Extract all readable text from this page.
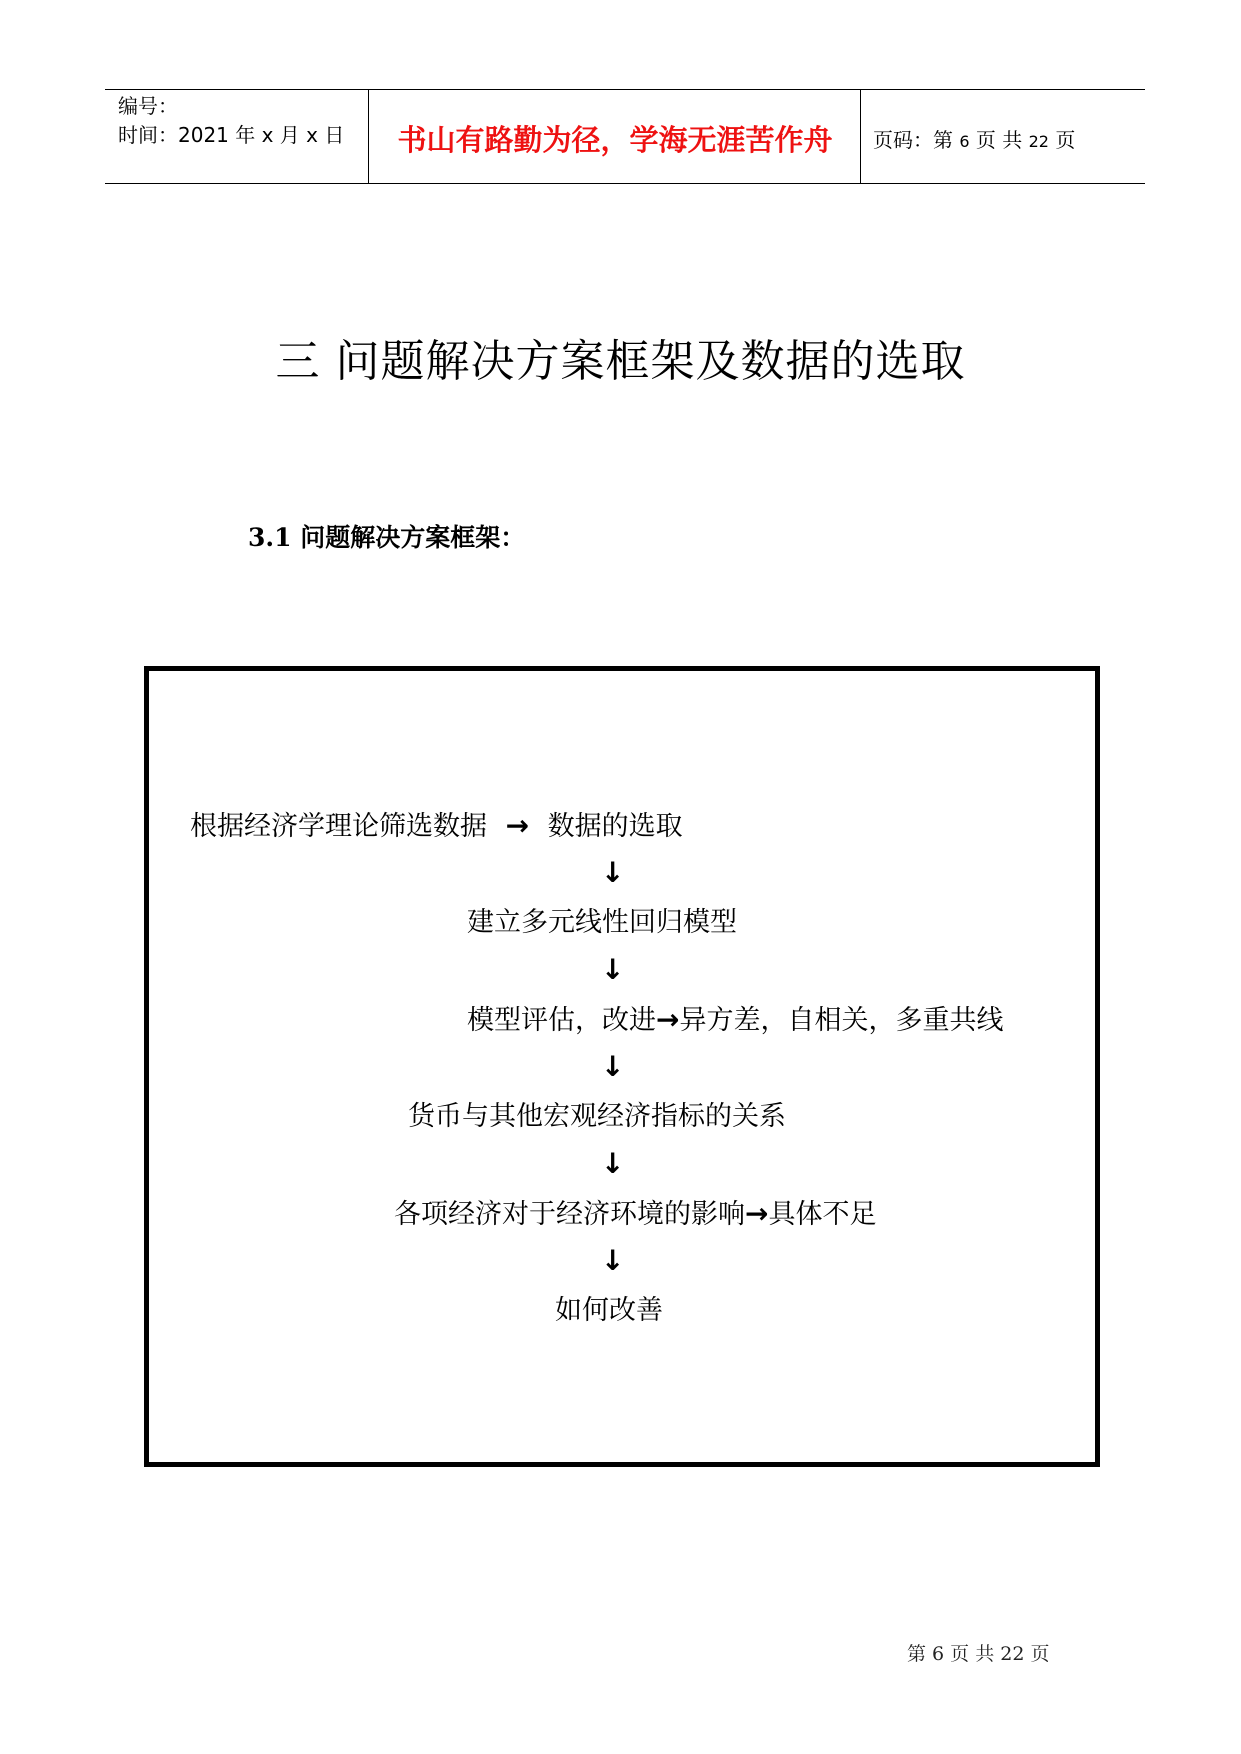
编号：
时间：2021 年 x 月 x 日	书山有路勤为径，学海无涯苦作舟	页码：第 6 页 共 22 页
三 问题解决方案框架及数据的选取
3.1 问题解决方案框架：
根据经济学理论筛选数据 → 数据的选取
↓
建立多元线性回归模型
↓
模型评估，改进→异方差，自相关，多重共线
↓
货币与其他宏观经济指标的关系
↓
各项经济对于经济环境的影响→具体不足
↓
如何改善
第 6 页 共 22 页
